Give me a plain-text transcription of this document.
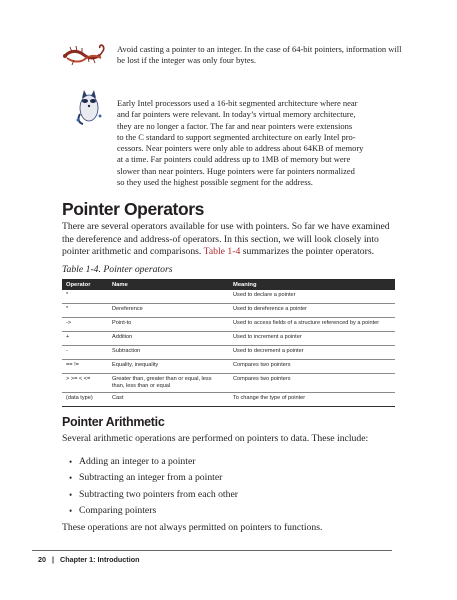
Avoid casting a pointer to an integer. In the case of 64-bit pointers, information will be lost if the integer was only four bytes.
Early Intel processors used a 16-bit segmented architecture where near
and far pointers were relevant. In today’s virtual memory architecture,
they are no longer a factor. The far and near pointers were extensions
to the C standard to support segmented architecture on early Intel pro-
cessors. Near pointers were only able to address about 64KB of memory
at a time. Far pointers could address up to 1MB of memory but were
slower than near pointers. Huge pointers were far pointers normalized
so they used the highest possible segment for the address.
Pointer Operators

There are several operators available for use with pointers. So far we have examined the dereference and address-of operators. In this section, we will look closely into pointer arithmetic and comparisons. Table 1-4 summarizes the pointer operators.

Table 1-4. Pointer operators
Operator	Name	Meaning
*		Used to declare a pointer
*	Dereference	Used to dereference a pointer
->	Point-to	Used to access fields of a structure referenced by a pointer
+	Addition	Used to increment a pointer
-	Subtraction	Used to decrement a pointer
== !=	Equality, inequality	Compares two pointers
> >= < <=	Greater than, greater than or equal, less than, less than or equal	Compares two pointers
(data type)	Cast	To change the type of pointer
Pointer Arithmetic

Several arithmetic operations are performed on pointers to data. These include:

• Adding an integer to a pointer
• Subtracting an integer from a pointer
• Subtracting two pointers from each other
• Comparing pointers

These operations are not always permitted on pointers to functions.

20 | Chapter 1: Introduction
